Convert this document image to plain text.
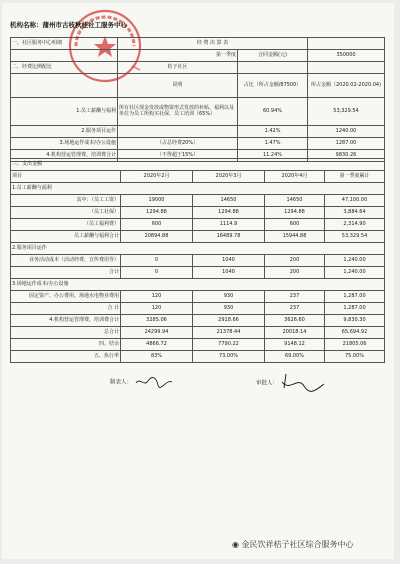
机构名称：蒲州市古枝秋桂社工服务中心
一、社区服务中心明细	经 费 决 算 表		
	第一季度	合同金额(元)	350000
二、经费比例配比	桔子社区		
	说明	占比（所占金额/87500）	所占金额（2020.02-2020.04)
1.员工薪酬与福利	所有社区现金发放或物资形式发放的补贴、福利以及单位为员工所购买社保、员工培训（65%）	60.94%	53,329.54
2.服务项目运作		1.42%	1240.00
3.场地运作成本/办公设施	（占总经费20%）	1.47%	1287.00
4.机构营运管理费、培训费合计	（不得超于15%）	11.24%	9830.26
三、支出金额				
项目	2020年2月	2020年3月	2020年4月	第一季度累计
1.员工薪酬与福利				
其中：（员工工资）	19000	14650	14650	47,100.00
（员工社保）	1294.88	1294.88	1294.88	3,884.64
（员工福利费）	600	1114.9	600	2,314.90
员工薪酬与福利合计	20894.88	16489.78	15944.88	53,329.54
2.服务项目运作				
业务活动成本（活动经费、宣传费用等）	0	1040	200	1,240.00
合计	0	1040	200	1,240.00
3.场地运作成本/办公设施				
固定资产、办公费用、场地水电物业费用	120	930	237	1,287.00
合 计	120	930	237	1,287.00
4.机构营运管理费、培训费合计	3285.06	2918.66	3626.60	9,830.30
总合计	24299.94	21378.44	20018.14	65,694.92
四、结余	4866.72	7790.22	9148.12	21805.06
五、执行率	83%	73.00%	69.00%	75.00%
制表人：	审批人：
◉ 金民饮祥桔子社区综合服务中心
